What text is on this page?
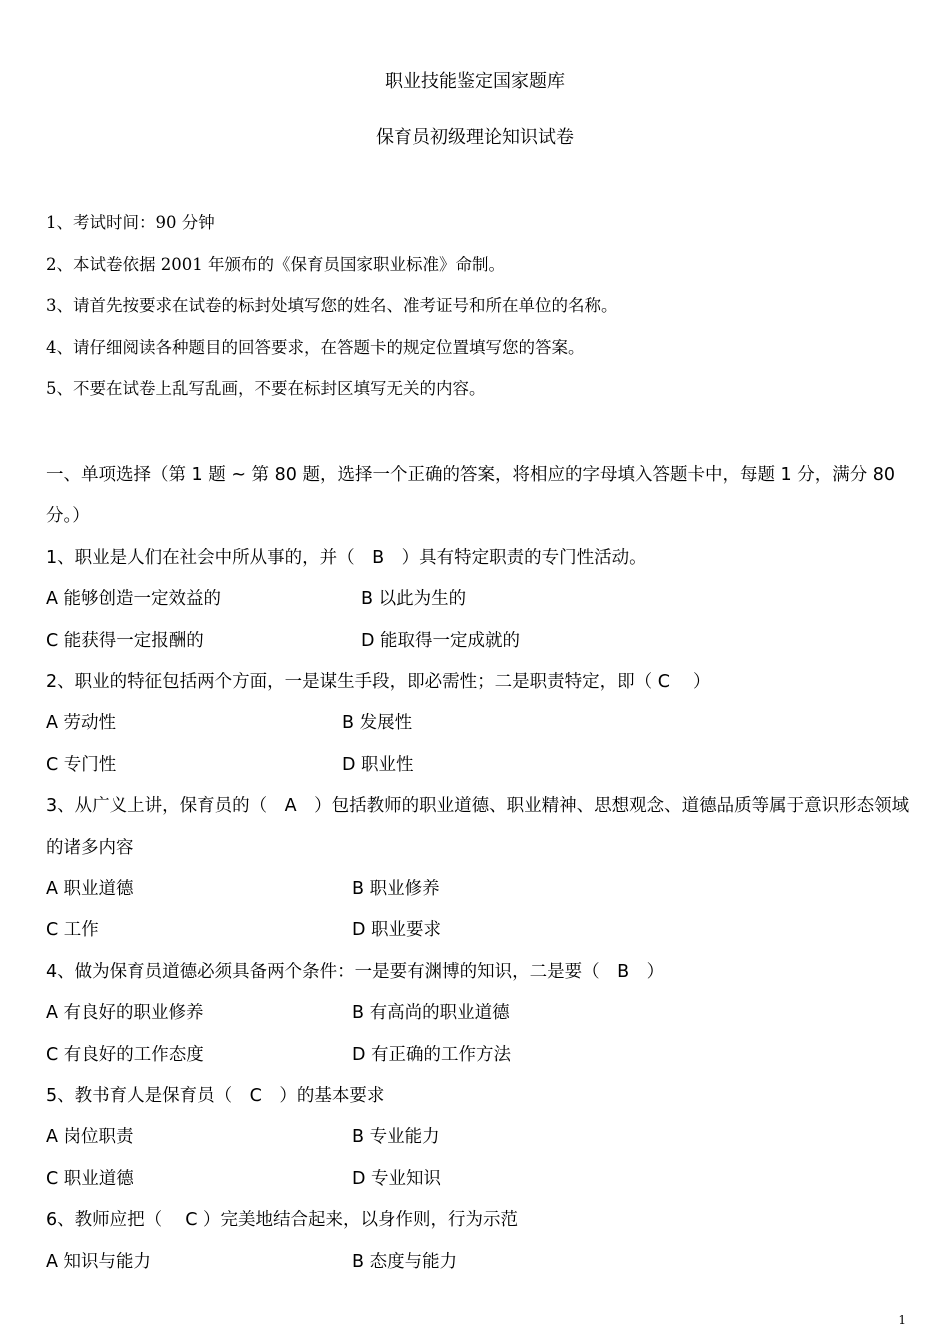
职业技能鉴定国家题库
保育员初级理论知识试卷
1、考试时间：90 分钟
2、本试卷依据 2001 年颁布的《保育员国家职业标准》命制。
3、请首先按要求在试卷的标封处填写您的姓名、准考证号和所在单位的名称。
4、请仔细阅读各种题目的回答要求，在答题卡的规定位置填写您的答案。
5、不要在试卷上乱写乱画，不要在标封区填写无关的内容。
一、单项选择（第 1 题 ~ 第 80 题，选择一个正确的答案，将相应的字母填入答题卡中，每题 1 分，满分 80 分。）
1、职业是人们在社会中所从事的，并（　B　）具有特定职责的专门性活动。
A 能够创造一定效益的	B 以此为生的
C 能获得一定报酬的	D 能取得一定成就的
2、职业的特征包括两个方面，一是谋生手段，即必需性；二是职责特定，即（ C　 ）
A 劳动性	B 发展性
C 专门性	D 职业性
3、从广义上讲，保育员的（　A　）包括教师的职业道德、职业精神、思想观念、道德品质等属于意识形态领域的诸多内容
A 职业道德	B 职业修养
C 工作	D 职业要求
4、做为保育员道德必须具备两个条件：一是要有渊博的知识，二是要（　B　）
A 有良好的职业修养	B 有高尚的职业道德
C 有良好的工作态度	D 有正确的工作方法
5、教书育人是保育员（　C　）的基本要求
A 岗位职责	B 专业能力
C 职业道德	D 专业知识
6、教师应把（　 C ）完美地结合起来，以身作则，行为示范
A 知识与能力	B 态度与能力
1
